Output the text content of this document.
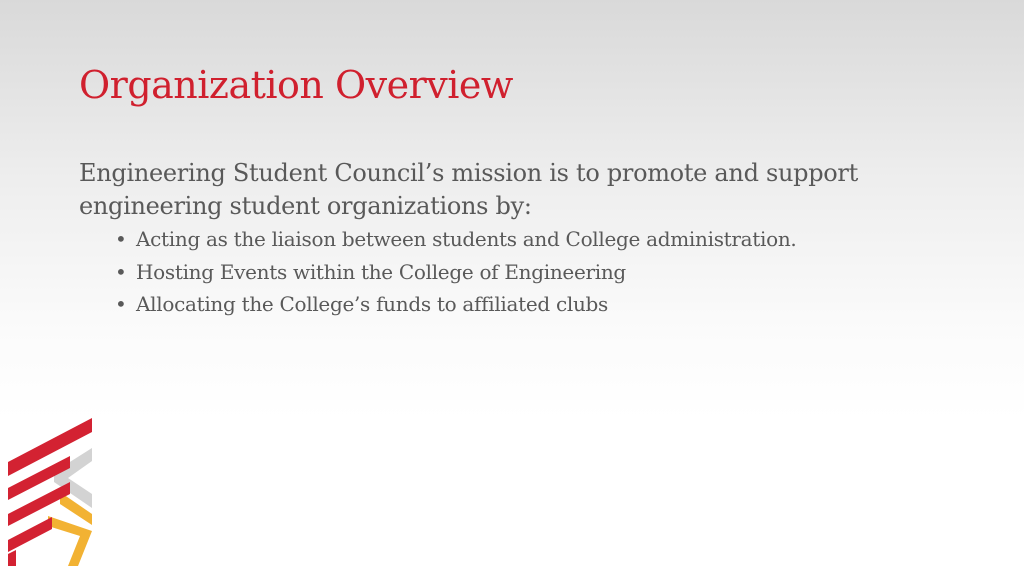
Organization Overview

Engineering Student Council’s mission is to promote and support engineering student organizations by:

• Acting as the liaison between students and College administration.
• Hosting Events within the College of Engineering
• Allocating the College’s funds to affiliated clubs
